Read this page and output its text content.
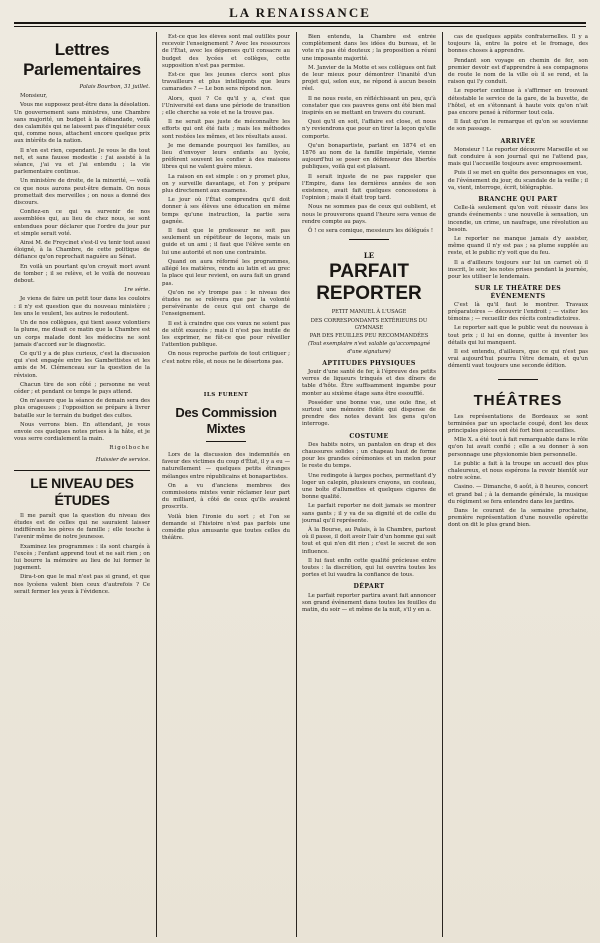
LA RENAISSANCE
Lettres Parlementaires
Palais Bourbon, 31 juillet.
Monsieur,

Vous me supposez peut-être dans la désolation. Un gouvernement sans ministres, une Chambre sans majorité, un budget à la débandade, voilà des calamités qui ne laissent pas d'inquiéter ceux qui, comme nous, attachent encore quelque prix aux intérêts de la nation.

Il n'en est rien, cependant. Je vous le dis tout net, et sans fausse modestie : j'ai assisté à la séance, j'ai vu et j'ai entendu ; la vie parlementaire continue.

Un ministère de droite, de la minorité, — voilà ce que nous aurons peut-être demain. On nous promettait des merveilles ; on nous a donné des discours.

Confiez-en ce qui va survenir de nos assemblées qui, au lieu de chez nous, se sont entendues pour déclarer que l'ordre du jour pur et simple serait voté.

Ainsi M. de Freycinet s'est-il vu tenir tout aussi éloigné, à la Chambre, de cette politique de défiance qu'on reprochait naguère au Sénat.

En voilà un pourtant qu'on croyait mort avant de tomber ; il se relève, et le voilà de nouveau debout.

1re série.

Je viens de faire un petit tour dans les couloirs : il n'y est question que du nouveau ministère ; les uns le veulent, les autres le redoutent.

Un de nos collègues, qui tient assez volontiers la plume, me disait ce matin que la Chambre est un corps malade dont les médecins ne sont jamais d'accord sur le diagnostic.

Ce qu'il y a de plus curieux, c'est la discussion qui s'est engagée entre les Gambettistes et les amis de M. Clémenceau sur la question de la révision.

Chacun tire de son côté ; personne ne veut céder ; et pendant ce temps le pays attend.

On m'assure que la séance de demain sera des plus orageuses ; l'opposition se prépare à livrer bataille sur le terrain du budget des cultes.

Nous verrons bien. En attendant, je vous envoie ces quelques notes prises à la hâte, et je vous serre cordialement la main.

Rigolboche
Huissier de service.
LE NIVEAU DES ÉTUDES

Il me paraît que la question du niveau des études est de celles qui ne sauraient laisser indifférents les pères de famille ; elle touche à l'avenir même de notre jeunesse.

Examinez les programmes : ils sont chargés à l'excès ; l'enfant apprend tout et ne sait rien ; on lui bourre la mémoire au lieu de lui former le jugement.

Dira-t-on que le mal n'est pas si grand, et que nos lycéens valent bien ceux d'autrefois ? Ce serait fermer les yeux à l'évidence.

Est-ce que les élèves sont mal outillés pour recevoir l'enseignement ? Avec les ressources de l'État, avec les dépenses qu'il consacre au budget des lycées et collèges, cette supposition n'est pas permise.

Est-ce que les jeunes clercs sont plus travailleurs et plus intelligents que leurs camarades ? — Le bon sens répond non.

Alors, quoi ? Ce qu'il y a, c'est que l'Université est dans une période de transition ; elle cherche sa voie et ne la trouve pas.

Il ne serait pas juste de méconnaître les efforts qui ont été faits ; mais les méthodes sont restées les mêmes, et les résultats aussi.

Je me demande pourquoi les familles, au lieu d'envoyer leurs enfants au lycée, préfèrent souvent les confier à des maisons libres qui ne valent guère mieux.

La raison en est simple : on y promet plus, on y surveille davantage, et l'on y prépare plus directement aux examens.

Le jour où l'État comprendra qu'il doit donner à ses élèves une éducation en même temps qu'une instruction, la partie sera gagnée.

Il faut que le professeur ne soit pas seulement un répétiteur de leçons, mais un guide et un ami ; il faut que l'élève sente en lui une autorité et non une contrainte.

Quand on aura réformé les programmes, allégé les matières, rendu au latin et au grec la place qui leur revient, on aura fait un grand pas.

Qu'on ne s'y trompe pas : le niveau des études ne se relèvera que par la volonté persévérante de ceux qui ont charge de l'enseignement.

Il est à craindre que ces vœux ne soient pas de sitôt exaucés ; mais il n'est pas inutile de les exprimer, ne fût-ce que pour réveiller l'attention publique.

On nous reproche parfois de tout critiquer ; c'est notre rôle, et nous ne le désertons pas.

ILS FURENT
Des Commission Mixtes

Lors de la discussion des indemnités en faveur des victimes du coup d'État, il y a eu — naturellement — quelques petits étranges mélanges entre républicains et bonapartistes.

On a vu d'anciens membres des commissions mixtes venir réclamer leur part du milliard, à côté de ceux qu'ils avaient proscrits.

Voilà bien l'ironie du sort ; et l'on se demande si l'histoire n'est pas parfois une comédie plus amusante que toutes celles du théâtre.

Bien entendu, la Chambre est entrée complètement dans les idées du bureau, et le vote n'a pas été douteux ; la proposition a réuni une imposante majorité.

M. Janvier de la Motte et ses collègues ont fait de leur mieux pour démontrer l'inanité d'un projet qui, selon eux, ne répond à aucun besoin réel.

Il ne nous reste, en réfléchissant un peu, qu'à constater que ces pauvres gens ont été bien mal inspirés en se mettant en travers du courant.

Quoi qu'il en soit, l'affaire est close, et nous n'y reviendrons que pour en tirer la leçon qu'elle comporte.

Qu'un bonapartiste, parlant en 1874 et en 1876 au nom de la famille impériale, vienne aujourd'hui se poser en défenseur des libertés publiques, voilà qui est plaisant.

Il serait injuste de ne pas rappeler que l'Empire, dans les dernières années de son existence, avait fait quelques concessions à l'opinion ; mais il était trop tard.

Nous ne sommes pas de ceux qui oublient, et nous le prouverons quand l'heure sera venue de rendre compte au pays.

Ô ! ce sera comique, messieurs les délégués !

LE
PARFAIT REPORTER
PETIT MANUEL À L'USAGE
DES CORRESPONDANTS EXTÉRIEURS DU GYMNASE
PAR DES FEUILLES PEU RECOMMANDÉES
(Tout exemplaire n'est valable qu'accompagné d'une signature)
APTITUDES PHYSIQUES

Jouir d'une santé de fer, à l'épreuve des petits verres de liqueurs trinqués et des dîners de table d'hôte. Être suffisamment ingambe pour monter au sixième étage sans être essoufflé.

Posséder une bonne vue, une ouïe fine, et surtout une mémoire fidèle qui dispense de prendre des notes devant les gens qu'on interroge.

COSTUME

Des habits noirs, un pantalon en drap et des chaussures solides ; un chapeau haut de forme pour les grandes cérémonies et un melon pour le reste du temps.

Une redingote à larges poches, permettant d'y loger un calepin, plusieurs crayons, un couteau, une boîte d'allumettes et quelques cigares de bonne qualité.

Le parfait reporter ne doit jamais se montrer sans gants ; il y va de sa dignité et de celle du journal qu'il représente.

À la Bourse, au Palais, à la Chambre, partout où il passe, il doit avoir l'air d'un homme qui sait tout et qui n'en dit rien ; c'est le secret de son influence.

Il lui faut enfin cette qualité précieuse entre toutes : la discrétion, qui lui ouvrira toutes les portes et lui vaudra la confiance de tous.

DÉPART

Le parfait reporter partira avant fait annoncer son grand événement dans toutes les feuilles du matin, du soir — et même de la nuit, s'il y en a.

cas de quelques appâts confraternelles. Il y a toujours là, entre la poire et le fromage, des bonnes choses à apprendre.

Pendant son voyage en chemin de fer, son premier devoir est d'apprendre à ses compagnons de route le nom de la ville où il se rend, et la raison qui l'y conduit.

Le reporter continue à s'affirmer en trouvant détestable le service de la gare, de la buvette, de l'hôtel, et en s'étonnant à haute voix qu'on n'ait pas encore pensé à réformer tout cela.

Il faut qu'on le remarque et qu'on se souvienne de son passage.

ARRIVÉE

Monsieur ! Le reporter découvre Marseille et se fait conduire à son journal qui ne l'attend pas, mais qui l'accueille toujours avec empressement.

Puis il se met en quête des personnages en vue, de l'événement du jour, du scandale de la veille ; il va, vient, interroge, écrit, télégraphie.

BRANCHE QUI PART

Celle-là seulement qu'on voit réussir dans les grands événements : une nouvelle à sensation, un incendie, un crime, un naufrage, une révolution au besoin.

Le reporter ne manque jamais d'y assister, même quand il n'y est pas ; sa plume supplée au reste, et le public n'y voit que du feu.

Il a d'ailleurs toujours sur lui un carnet où il inscrit, le soir, les notes prises pendant la journée, pour les utiliser le lendemain.

SUR LE THÉÂTRE DES ÉVÉNEMENTS

C'est là qu'il faut le montrer. Travaux préparatoires — découvrir l'endroit ; — visiter les témoins ; — recueillir des récits contradictoires.

Le reporter sait que le public veut du nouveau à tout prix ; il lui en donne, quitte à inventer les détails qui lui manquent.

Il est entendu, d'ailleurs, que ce qui n'est pas vrai aujourd'hui pourra l'être demain, et qu'un démenti vaut toujours une seconde édition.

THÉÂTRES

Les représentations de Bordeaux se sont terminées par un spectacle coupé, dont les deux principales pièces ont été fort bien accueillies.

Mlle X. a été tout à fait remarquable dans le rôle qu'on lui avait confié ; elle a su donner à son personnage une physionomie bien personnelle.

Le public a fait à la troupe un accueil des plus chaleureux, et nous espérons la revoir bientôt sur notre scène.

Casino. — Dimanche, 6 août, à 8 heures, concert et grand bal ; à la demande générale, la musique du régiment se fera entendre dans les jardins.

Dans le courant de la semaine prochaine, première représentation d'une nouvelle opérette dont on dit le plus grand bien.
